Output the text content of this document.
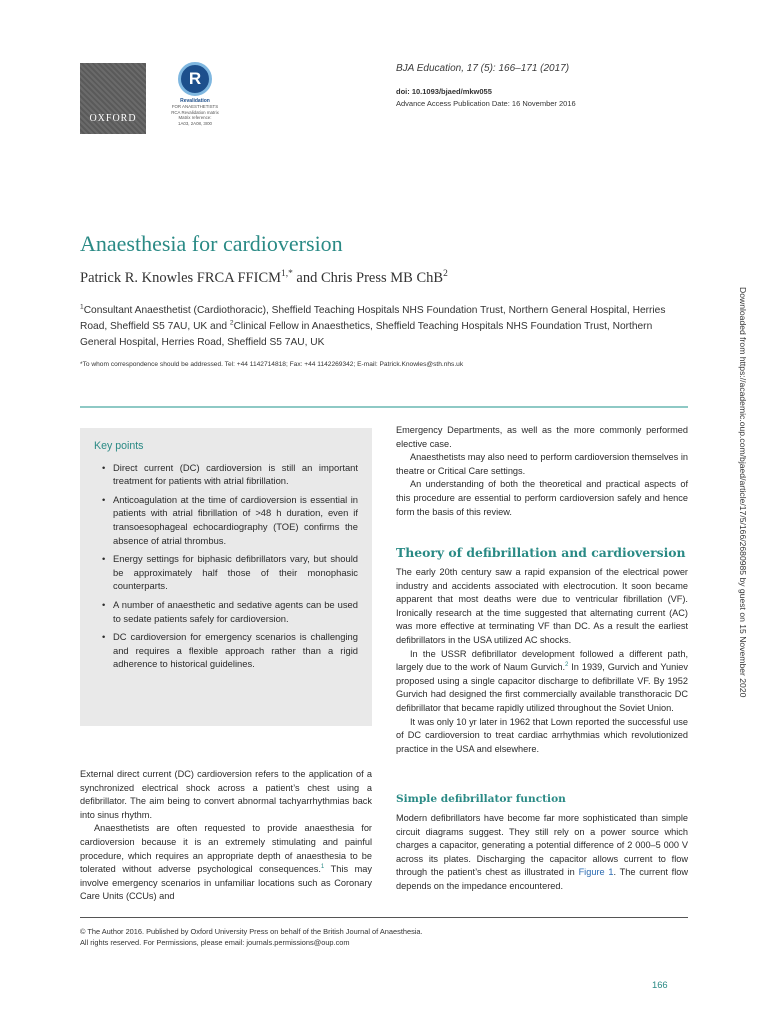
OXFORD
R
Revalidation
FOR ANAESTHETISTS
RCA Revalidation matrix
Matrix reference:
1A03, 2A08, 3I00
BJA Education, 17 (5): 166–171 (2017)
doi: 10.1093/bjaed/mkw055
Advance Access Publication Date: 16 November 2016
Anaesthesia for cardioversion
Patrick R. Knowles FRCA $FFICM^{1,*}$ and Chris Press MB ChB$^2$
$^1$Consultant Anaesthetist (Cardiothoracic), Sheffield Teaching Hospitals NHS Foundation Trust, Northern General Hospital, Herries Road, Sheffield S5 7AU, UK and $^2$Clinical Fellow in Anaesthetics, Sheffield Teaching Hospitals NHS Foundation Trust, Northern General Hospital, Herries Road, Sheffield S5 7AU, UK
*To whom correspondence should be addressed. Tel: +44 1142714818; Fax: +44 1142269342; E-mail: Patrick.Knowles@sth.nhs.uk	Downloaded from https://academic.oup.com/bjaed/article/17/5/166/2680985 by guest on 15 November 2020
Key points
• Direct current (DC) cardioversion is still an important treatment for patients with atrial fibrillation.
• Anticoagulation at the time of cardioversion is essential in patients with atrial fibrillation of >48 h duration, even if transoesophageal echocardiography (TOE) confirms the absence of atrial thrombus.
• Energy settings for biphasic defibrillators vary, but should be approximately half those of their monophasic counterparts.
• A number of anaesthetic and sedative agents can be used to sedate patients safely for cardioversion.
• DC cardioversion for emergency scenarios is challenging and requires a flexible approach rather than a rigid adherence to historical guidelines.

External direct current (DC) cardioversion refers to the application of a synchronized electrical shock across a patient’s chest using a defibrillator. The aim being to convert abnormal tachyarrhythmias back into sinus rhythm.

Anaesthetists are often requested to provide anaesthesia for cardioversion because it is an extremely stimulating and painful procedure, which requires an appropriate depth of anaesthesia to be tolerated without adverse psychological consequences.$^1$ This may involve emergency scenarios in unfamiliar locations such as Coronary Care Units (CCUs) and

Emergency Departments, as well as the more commonly performed elective case.

Anaesthetists may also need to perform cardioversion themselves in theatre or Critical Care settings.

An understanding of both the theoretical and practical aspects of this procedure are essential to perform cardioversion safely and hence form the basis of this review.

Theory of defibrillation and cardioversion

The early 20th century saw a rapid expansion of the electrical power industry and accidents associated with electrocution. It soon became apparent that most deaths were due to ventricular fibrillation (VF). Ironically research at the time suggested that alternating current (AC) was more effective at terminating VF than DC. As a result the earliest defibrillators in the USA utilized AC shocks.

In the USSR defibrillator development followed a different path, largely due to the work of Naum Gurvich.$^2$ In 1939, Gurvich and Yuniev proposed using a single capacitor discharge to defibrillate VF. By 1952 Gurvich had designed the first commercially available transthoracic DC defibrillator that became rapidly utilized throughout the Soviet Union.

It was only 10 yr later in 1962 that Lown reported the successful use of DC cardioversion to treat cardiac arrhythmias which revolutionized practice in the USA and elsewhere.

Simple defibrillator function

Modern defibrillators have become far more sophisticated than simple circuit diagrams suggest. They still rely on a power source which charges a capacitor, generating a potential difference of 2 000–5 000 V across its plates. Discharging the capacitor allows current to flow through the patient’s chest as illustrated in Figure 1. The current flow depends on the impedance encountered.

© The Author 2016. Published by Oxford University Press on behalf of the British Journal of Anaesthesia.
All rights reserved. For Permissions, please email: journals.permissions@oup.com
166
